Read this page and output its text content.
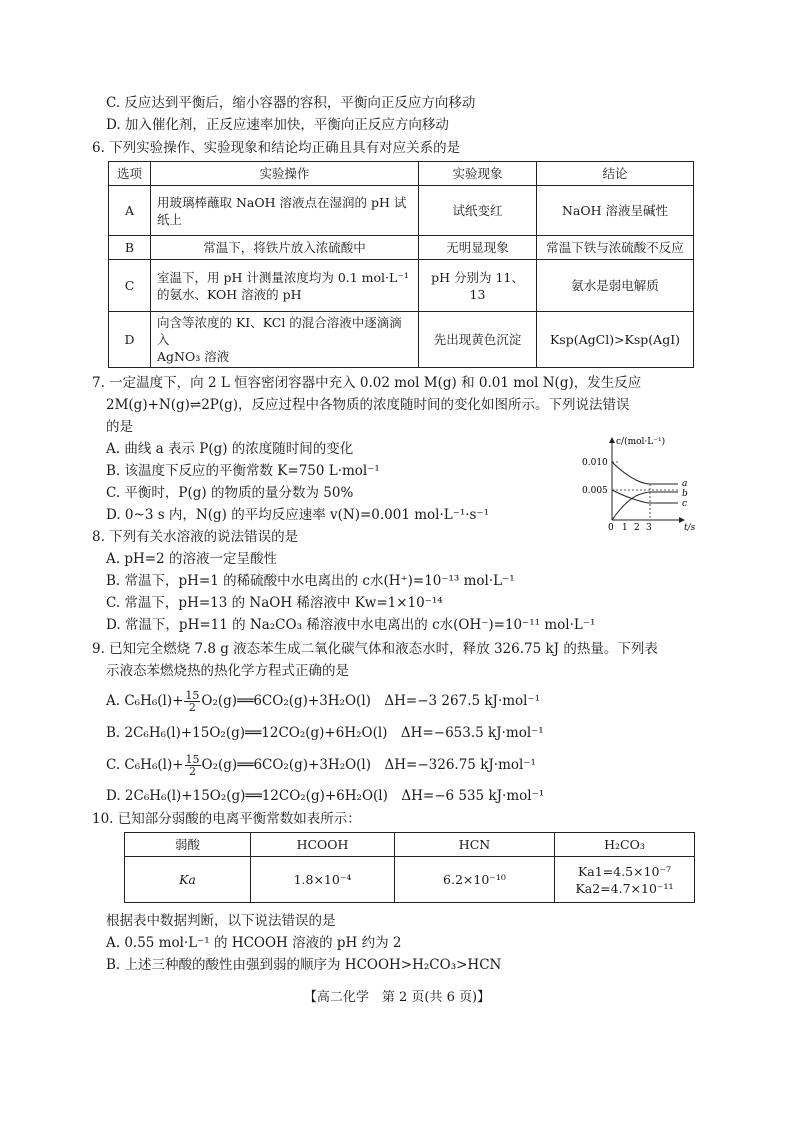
C. 反应达到平衡后，缩小容器的容积，平衡向正反应方向移动
D. 加入催化剂，正反应速率加快，平衡向正反应方向移动
6. 下列实验操作、实验现象和结论均正确且具有对应关系的是
选项	实验操作	实验现象	结论
A	用玻璃棒蘸取 NaOH 溶液点在湿润的 pH 试
纸上	试纸变红	NaOH 溶液呈碱性
B	常温下，将铁片放入浓硫酸中	无明显现象	常温下铁与浓硫酸不反应
C	室温下，用 pH 计测量浓度均为 0.1 mol·L⁻¹
的氨水、KOH 溶液的 pH	pH 分别为 11、13	氨水是弱电解质
D	向含等浓度的 KI、KCl 的混合溶液中逐滴滴入
AgNO₃ 溶液	先出现黄色沉淀	Ksp(AgCl)>Ksp(AgI)
7. 一定温度下，向 2 L 恒容密闭容器中充入 0.02 mol M(g) 和 0.01 mol N(g)，发生反应
2M(g)+N(g)⇌2P(g)，反应过程中各物质的浓度随时间的变化如图所示。下列说法错误
的是
A. 曲线 a 表示 P(g) 的浓度随时间的变化
B. 该温度下反应的平衡常数 K=750 L·mol⁻¹
C. 平衡时，P(g) 的物质的量分数为 50%
D. 0~3 s 内，N(g) 的平均反应速率 v(N)=0.001 mol·L⁻¹·s⁻¹
c/(mol·L⁻¹)
t/s
0.010
0.005
0 1 2 3
a
b
c
8. 下列有关水溶液的说法错误的是
A. pH=2 的溶液一定呈酸性
B. 常温下，pH=1 的稀硫酸中水电离出的 c水(H⁺)=10⁻¹³ mol·L⁻¹
C. 常温下，pH=13 的 NaOH 稀溶液中 Kw=1×10⁻¹⁴
D. 常温下，pH=11 的 Na₂CO₃ 稀溶液中水电离出的 c水(OH⁻)=10⁻¹¹ mol·L⁻¹
9. 已知完全燃烧 7.8 g 液态苯生成二氧化碳气体和液态水时，释放 326.75 kJ 的热量。下列表
示液态苯燃烧热的热化学方程式正确的是
A. $C_6H_6(l)+ \frac{15}{2}$ O₂(g)══6CO₂(g)+3H₂O(l)　ΔH=−3 267.5 kJ·mol⁻¹
B. 2C₆H₆(l)+15O₂(g)══12CO₂(g)+6H₂O(l)　ΔH=−653.5 kJ·mol⁻¹
C. $C_6H_6(l)+ \frac{15}{2}$ O₂(g)══6CO₂(g)+3H₂O(l)　ΔH=−326.75 kJ·mol⁻¹
D. 2C₆H₆(l)+15O₂(g)══12CO₂(g)+6H₂O(l)　ΔH=−6 535 kJ·mol⁻¹
10. 已知部分弱酸的电离平衡常数如表所示：
弱酸	HCOOH	HCN	H₂CO₃
Ka	1.8×10⁻⁴	6.2×10⁻¹⁰	Ka1=4.5×10⁻⁷
Ka2=4.7×10⁻¹¹
根据表中数据判断，以下说法错误的是
A. 0.55 mol·L⁻¹ 的 HCOOH 溶液的 pH 约为 2
B. 上述三种酸的酸性由强到弱的顺序为 HCOOH>H₂CO₃>HCN
【高二化学　第 2 页(共 6 页)】
